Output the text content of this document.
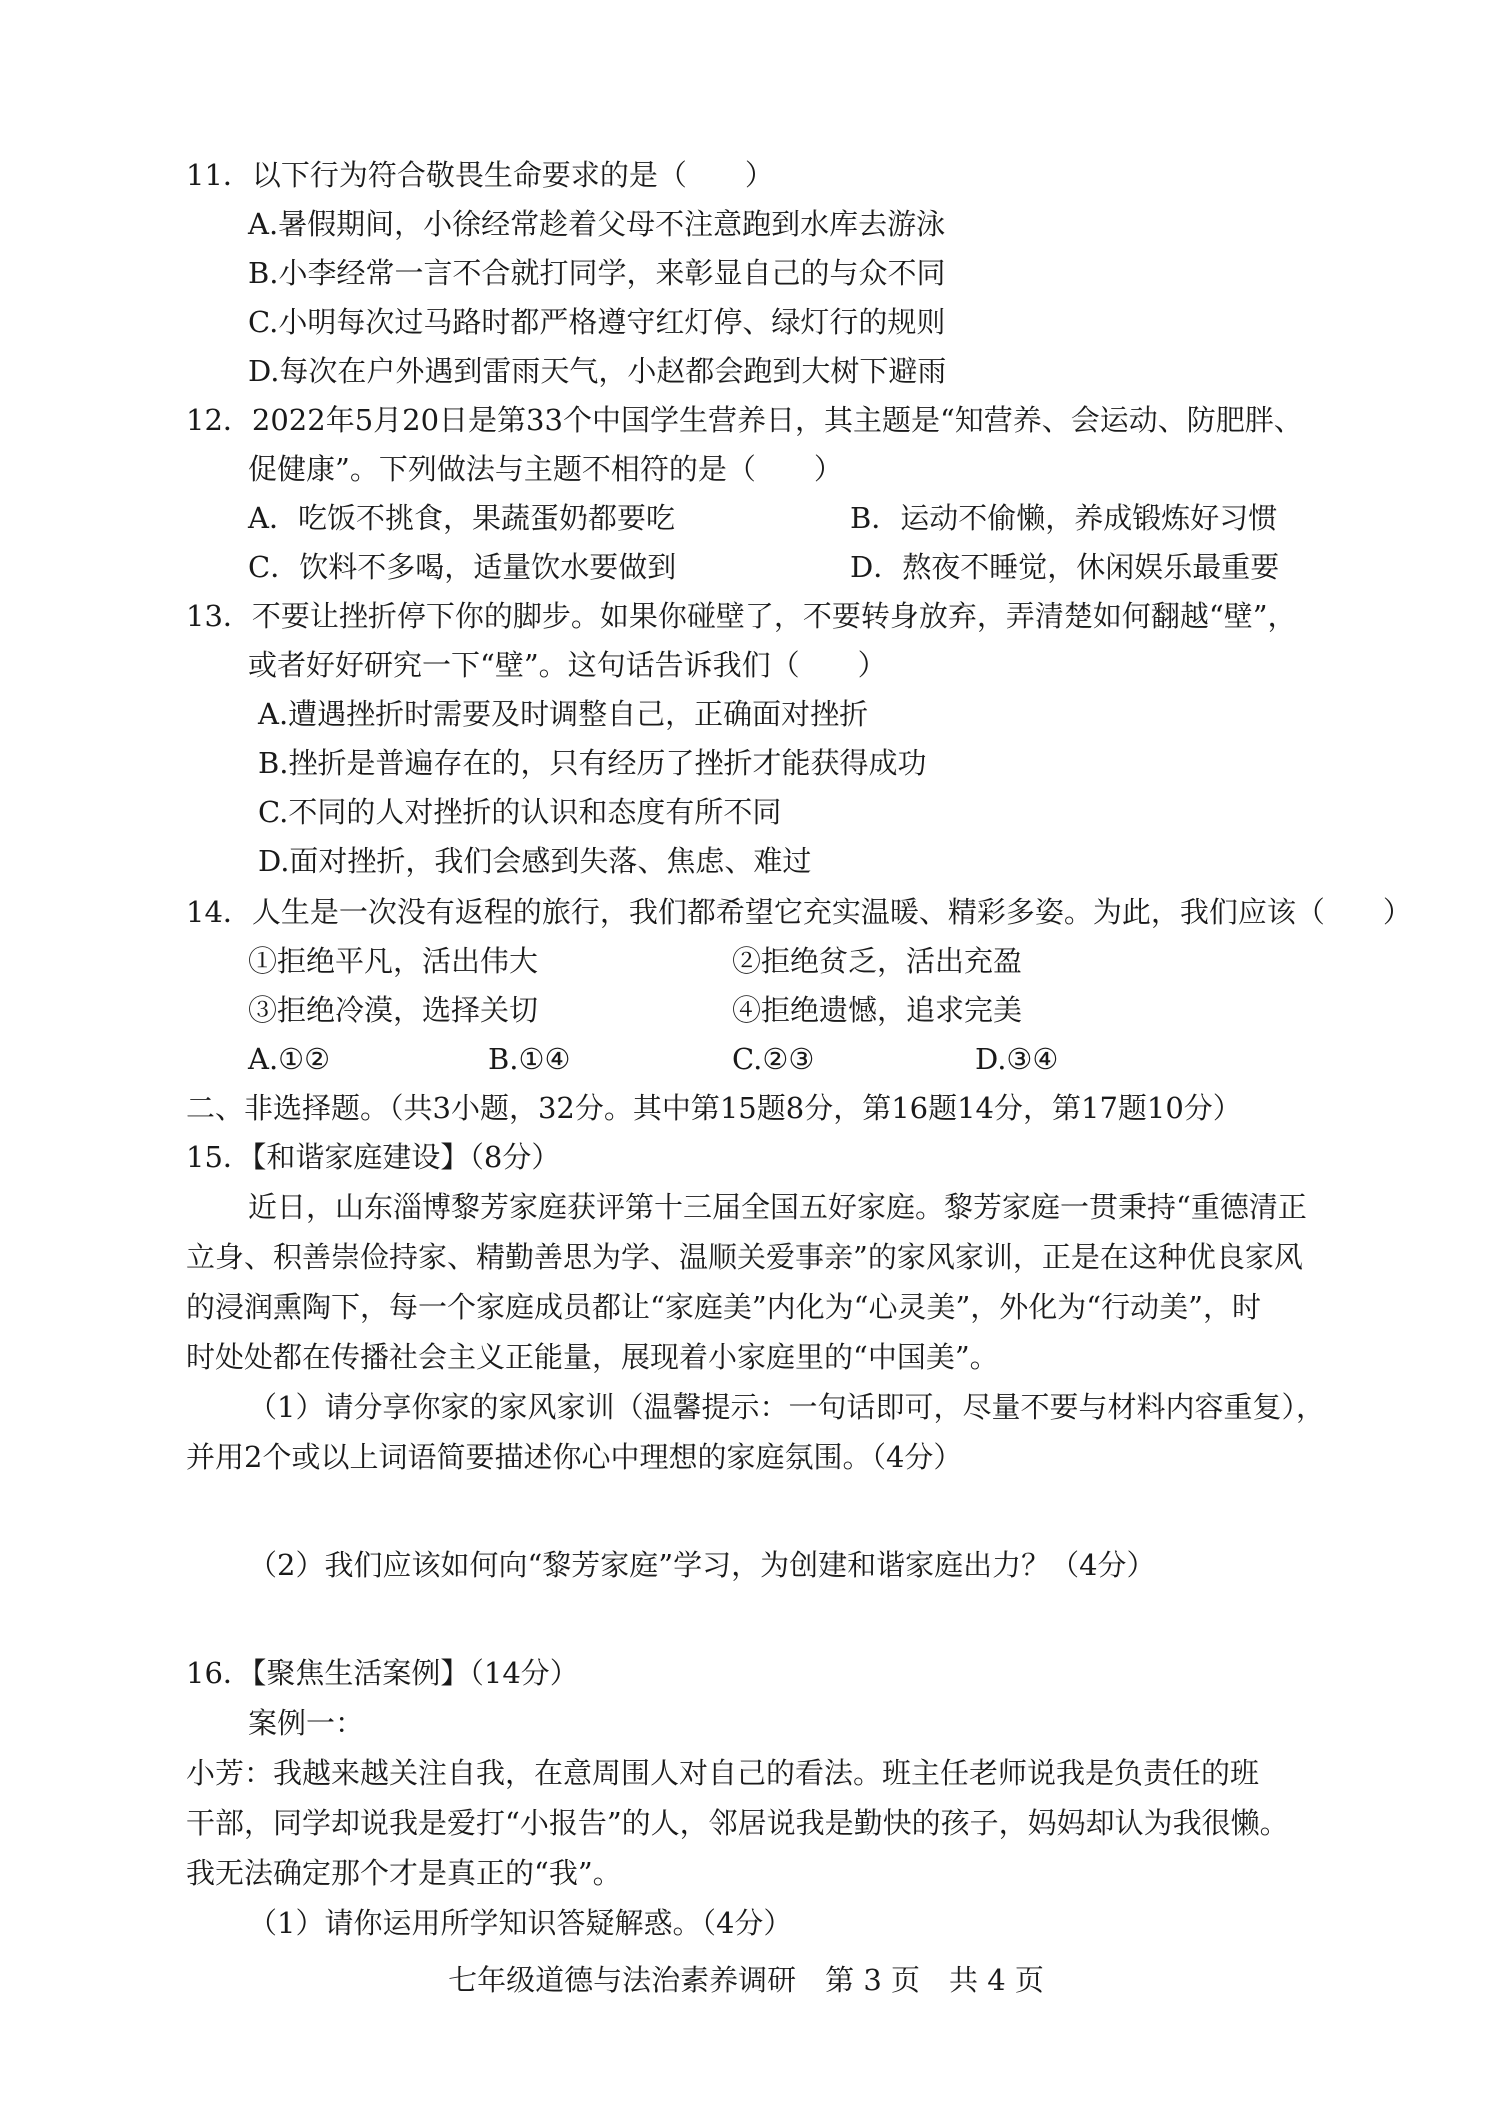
11．以下行为符合敬畏生命要求的是（　　）
A.暑假期间，小徐经常趁着父母不注意跑到水库去游泳
B.小李经常一言不合就打同学，来彰显自己的与众不同
C.小明每次过马路时都严格遵守红灯停、绿灯行的规则
D.每次在户外遇到雷雨天气，小赵都会跑到大树下避雨
12．2022年5月20日是第33个中国学生营养日，其主题是“知营养、会运动、防肥胖、
促健康”。下列做法与主题不相符的是（　　）
A．吃饭不挑食，果蔬蛋奶都要吃	B．运动不偷懒，养成锻炼好习惯
C．饮料不多喝，适量饮水要做到	D．熬夜不睡觉，休闲娱乐最重要
13．不要让挫折停下你的脚步。如果你碰壁了，不要转身放弃，弄清楚如何翻越“壁”，
或者好好研究一下“壁”。这句话告诉我们（　　）
A.遭遇挫折时需要及时调整自己，正确面对挫折
B.挫折是普遍存在的，只有经历了挫折才能获得成功
C.不同的人对挫折的认识和态度有所不同
D.面对挫折，我们会感到失落、焦虑、难过
14．人生是一次没有返程的旅行，我们都希望它充实温暖、精彩多姿。为此，我们应该（　　）
①拒绝平凡，活出伟大	②拒绝贫乏，活出充盈
③拒绝冷漠，选择关切	④拒绝遗憾，追求完美
A.①②	B.①④	C.②③	D.③④
二、非选择题。（共3小题，32分。其中第15题8分，第16题14分，第17题10分）
15．【和谐家庭建设】（8分）
近日，山东淄博黎芳家庭获评第十三届全国五好家庭。黎芳家庭一贯秉持“重德清正
立身、积善崇俭持家、精勤善思为学、温顺关爱事亲”的家风家训，正是在这种优良家风
的浸润熏陶下，每一个家庭成员都让“家庭美”内化为“心灵美”，外化为“行动美”，时
时处处都在传播社会主义正能量，展现着小家庭里的“中国美”。
（1）请分享你家的家风家训（温馨提示：一句话即可，尽量不要与材料内容重复），
并用2个或以上词语简要描述你心中理想的家庭氛围。（4分）
（2）我们应该如何向“黎芳家庭”学习，为创建和谐家庭出力？（4分）
16．【聚焦生活案例】（14分）
案例一：
小芳：我越来越关注自我，在意周围人对自己的看法。班主任老师说我是负责任的班
干部，同学却说我是爱打“小报告”的人，邻居说我是勤快的孩子，妈妈却认为我很懒。
我无法确定那个才是真正的“我”。
（1）请你运用所学知识答疑解惑。（4分）
七年级道德与法治素养调研　第 3 页　共 4 页
